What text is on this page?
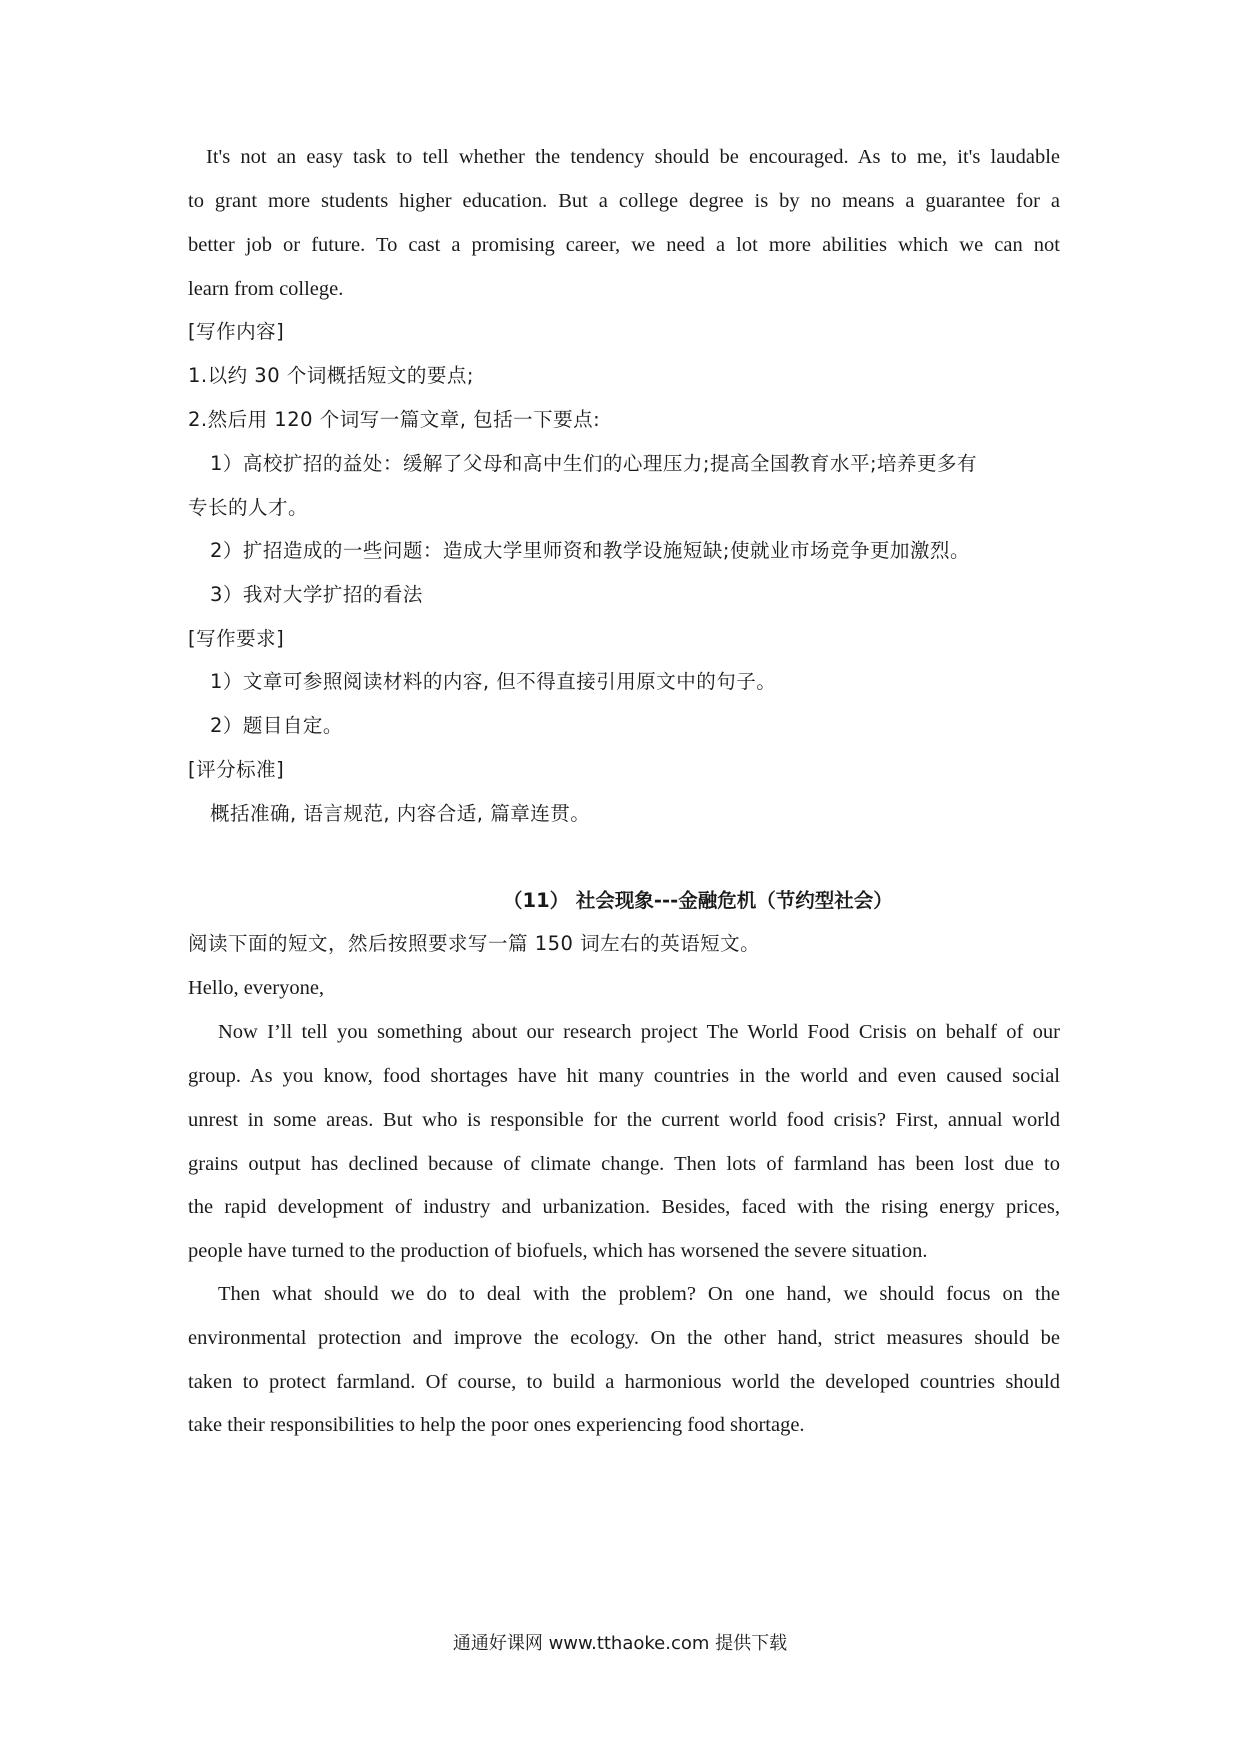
It's not an easy task to tell whether the tendency should be encouraged. As to me, it's laudable
to grant more students higher education. But a college degree is by no means a guarantee for a
better job or future. To cast a promising career, we need a lot more abilities which we can not
learn from college.
[写作内容]
1.以约 30 个词概括短文的要点;
2.然后用 120 个词写一篇文章, 包括一下要点:
1）高校扩招的益处：缓解了父母和高中生们的心理压力;提高全国教育水平;培养更多有
专长的人才。
2）扩招造成的一些问题：造成大学里师资和教学设施短缺;使就业市场竞争更加激烈。
3）我对大学扩招的看法
[写作要求]
1）文章可参照阅读材料的内容, 但不得直接引用原文中的句子。
2）题目自定。
[评分标准]
概括准确, 语言规范, 内容合适, 篇章连贯。
（11） 社会现象---金融危机（节约型社会）
阅读下面的短文，然后按照要求写一篇 150 词左右的英语短文。
Hello, everyone,
Now I’ll tell you something about our research project The World Food Crisis on behalf of our
group. As you know, food shortages have hit many countries in the world and even caused social
unrest in some areas. But who is responsible for the current world food crisis? First, annual world
grains output has declined because of climate change. Then lots of farmland has been lost due to
the rapid development of industry and urbanization. Besides, faced with the rising energy prices,
people have turned to the production of biofuels, which has worsened the severe situation.
Then what should we do to deal with the problem? On one hand, we should focus on the
environmental protection and improve the ecology. On the other hand, strict measures should be
taken to protect farmland. Of course, to build a harmonious world the developed countries should
take their responsibilities to help the poor ones experiencing food shortage.
通通好课网 www.tthaoke.com 提供下载
